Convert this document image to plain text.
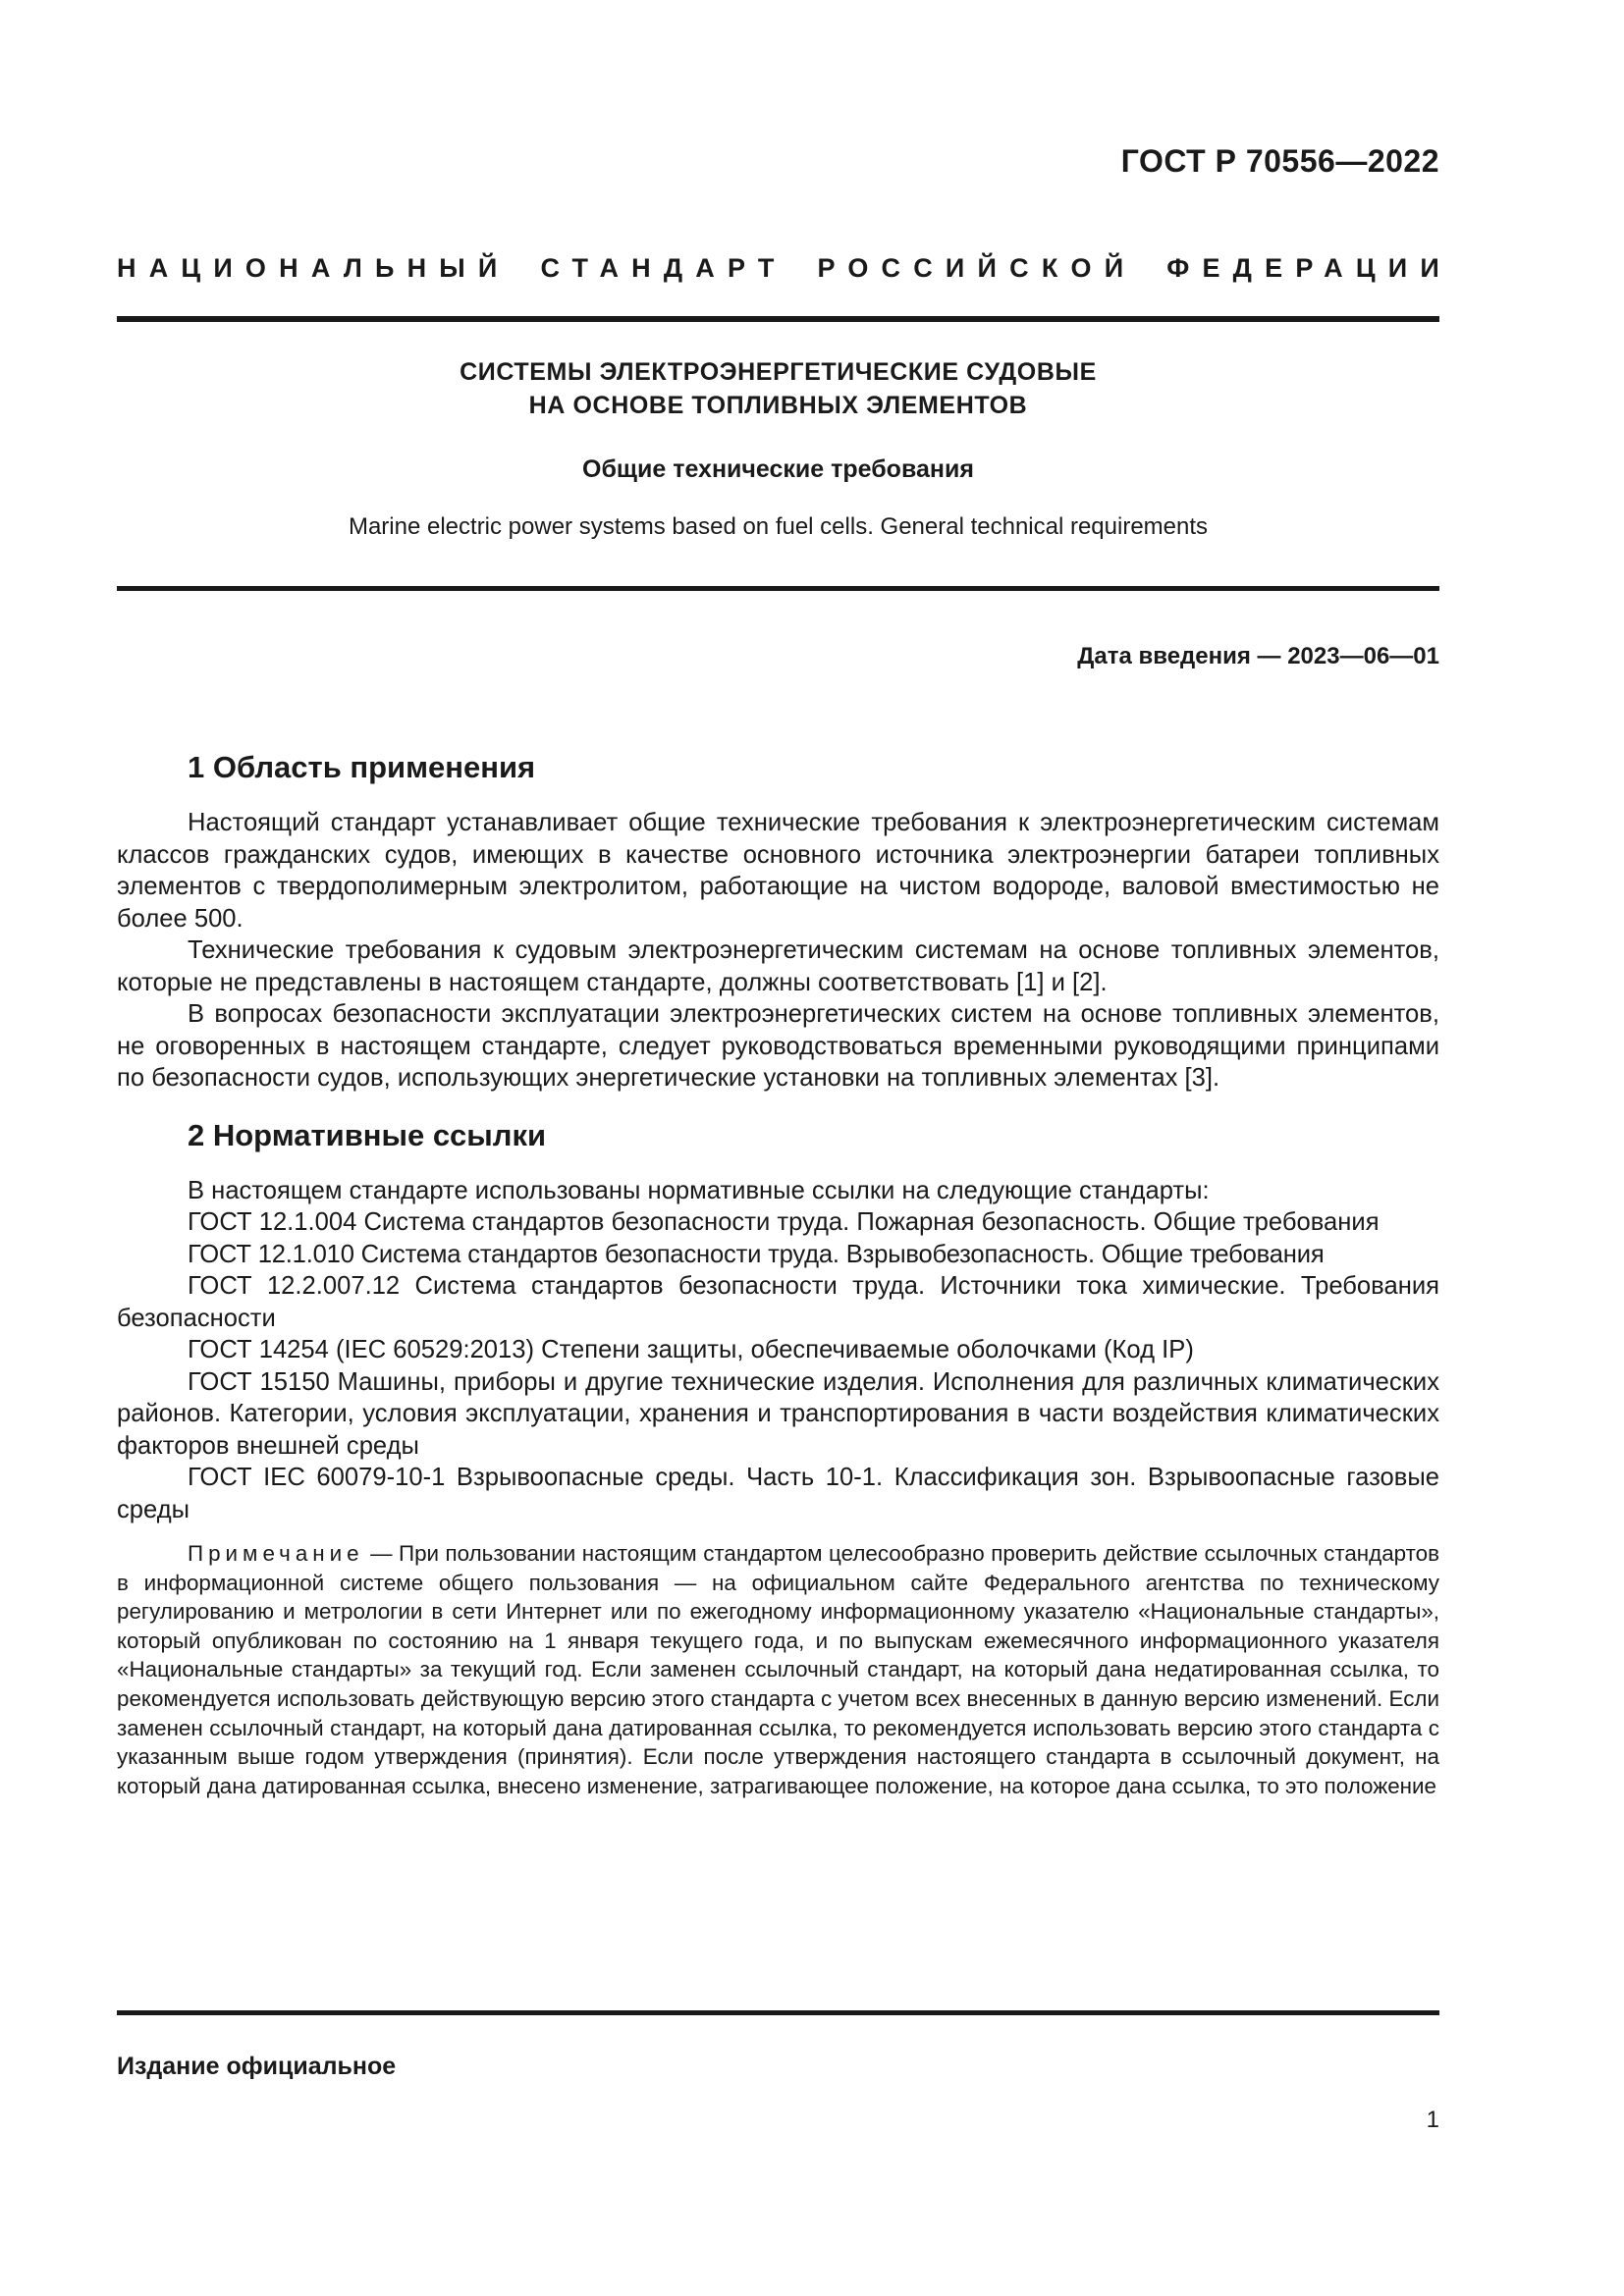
ГОСТ Р 70556—2022
НАЦИОНАЛЬНЫЙ СТАНДАРТ РОССИЙСКОЙ ФЕДЕРАЦИИ
СИСТЕМЫ ЭЛЕКТРОЭНЕРГЕТИЧЕСКИЕ СУДОВЫЕ
НА ОСНОВЕ ТОПЛИВНЫХ ЭЛЕМЕНТОВ
Общие технические требования
Marine electric power systems based on fuel cells. General technical requirements
Дата введения — 2023—06—01
1 Область применения

Настоящий стандарт устанавливает общие технические требования к электроэнергетическим системам классов гражданских судов, имеющих в качестве основного источника электроэнергии батареи топливных элементов с твердополимерным электролитом, работающие на чистом водороде, валовой вместимостью не более 500.

Технические требования к судовым электроэнергетическим системам на основе топливных элементов, которые не представлены в настоящем стандарте, должны соответствовать [1] и [2].

В вопросах безопасности эксплуатации электроэнергетических систем на основе топливных элементов, не оговоренных в настоящем стандарте, следует руководствоваться временными руководящими принципами по безопасности судов, использующих энергетические установки на топливных элементах [3].

2 Нормативные ссылки

В настоящем стандарте использованы нормативные ссылки на следующие стандарты:

ГОСТ 12.1.004 Система стандартов безопасности труда. Пожарная безопасность. Общие требования

ГОСТ 12.1.010 Система стандартов безопасности труда. Взрывобезопасность. Общие требования

ГОСТ 12.2.007.12 Система стандартов безопасности труда. Источники тока химические. Требования безопасности

ГОСТ 14254 (IEC 60529:2013) Степени защиты, обеспечиваемые оболочками (Код IP)

ГОСТ 15150 Машины, приборы и другие технические изделия. Исполнения для различных климатических районов. Категории, условия эксплуатации, хранения и транспортирования в части воздействия климатических факторов внешней среды

ГОСТ IEC 60079-10-1 Взрывоопасные среды. Часть 10-1. Классификация зон. Взрывоопасные газовые среды

Примечание — При пользовании настоящим стандартом целесообразно проверить действие ссылочных стандартов в информационной системе общего пользования — на официальном сайте Федерального агентства по техническому регулированию и метрологии в сети Интернет или по ежегодному информационному указателю «Национальные стандарты», который опубликован по состоянию на 1 января текущего года, и по выпускам ежемесячного информационного указателя «Национальные стандарты» за текущий год. Если заменен ссылочный стандарт, на который дана недатированная ссылка, то рекомендуется использовать действующую версию этого стандарта с учетом всех внесенных в данную версию изменений. Если заменен ссылочный стандарт, на который дана датированная ссылка, то рекомендуется использовать версию этого стандарта с указанным выше годом утверждения (принятия). Если после утверждения настоящего стандарта в ссылочный документ, на который дана датированная ссылка, внесено изменение, затрагивающее положение, на которое дана ссылка, то это положение

Издание официальное
1
